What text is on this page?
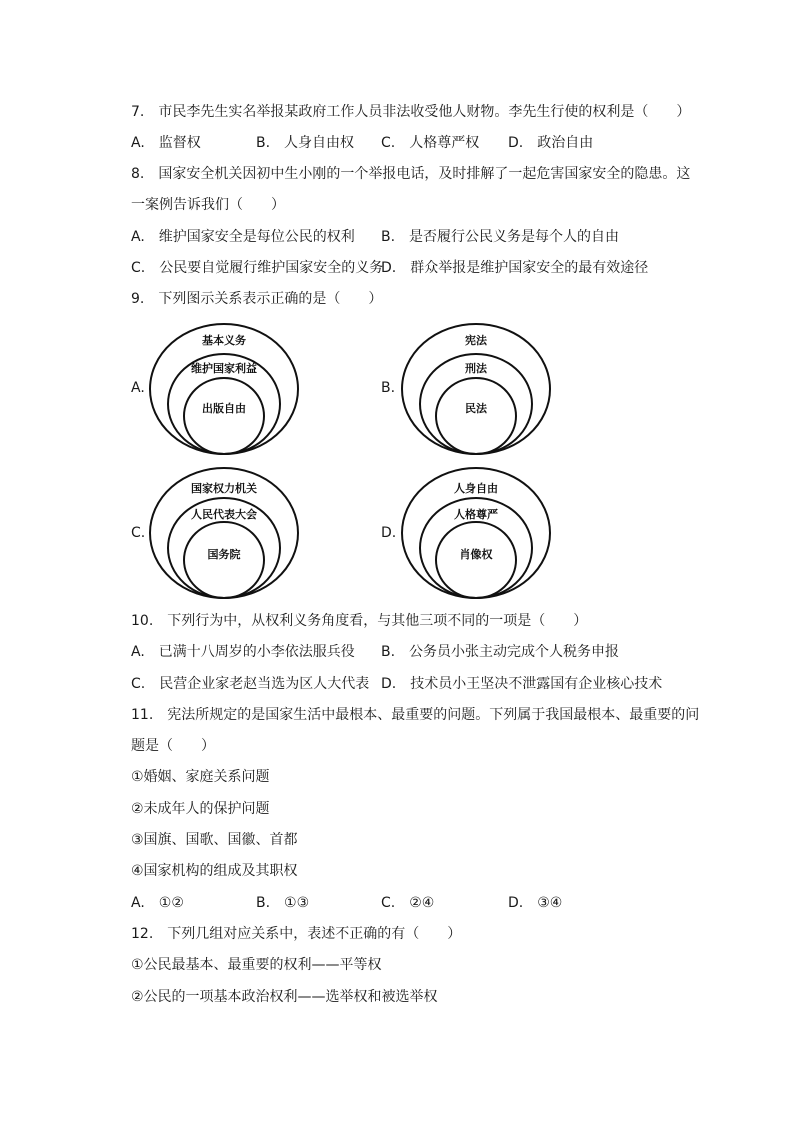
7.　市民李先生实名举报某政府工作人员非法收受他人财物。李先生行使的权利是（　　）
A.　监督权	B.　人身自由权 C.　人格尊严权 D.　政治自由
8.　国家安全机关因初中生小刚的一个举报电话，及时排解了一起危害国家安全的隐患。这
一案例告诉我们（　　）
A.　维护国家安全是每位公民的权利 B.　是否履行公民义务是每个人的自由
C.　公民要自觉履行维护国家安全的义务
D.　群众举报是维护国家安全的最有效途径
9.　下列图示关系表示正确的是（　　）
A.
基本义务
维护国家利益
出版自由
B.
宪法
刑法
民法
C.
国家权力机关
人民代表大会
国务院
D.
人身自由
人格尊严
肖像权
10.　下列行为中，从权利义务角度看，与其他三项不同的一项是（　　）
A.　已满十八周岁的小李依法服兵役 B.　公务员小张主动完成个人税务申报
C.　民营企业家老赵当选为区人大代表 D.　技术员小王坚决不泄露国有企业核心技术
11.　宪法所规定的是国家生活中最根本、最重要的问题。下列属于我国最根本、最重要的问
题是（　　）
①婚姻、家庭关系问题
②未成年人的保护问题
③国旗、国歌、国徽、首都
④国家机构的组成及其职权
A.　①②	B.　①③	C.　②④	D.　③④
12.　下列几组对应关系中，表述不正确的有（　　）
①公民最基本、最重要的权利——平等权
②公民的一项基本政治权利——选举权和被选举权
